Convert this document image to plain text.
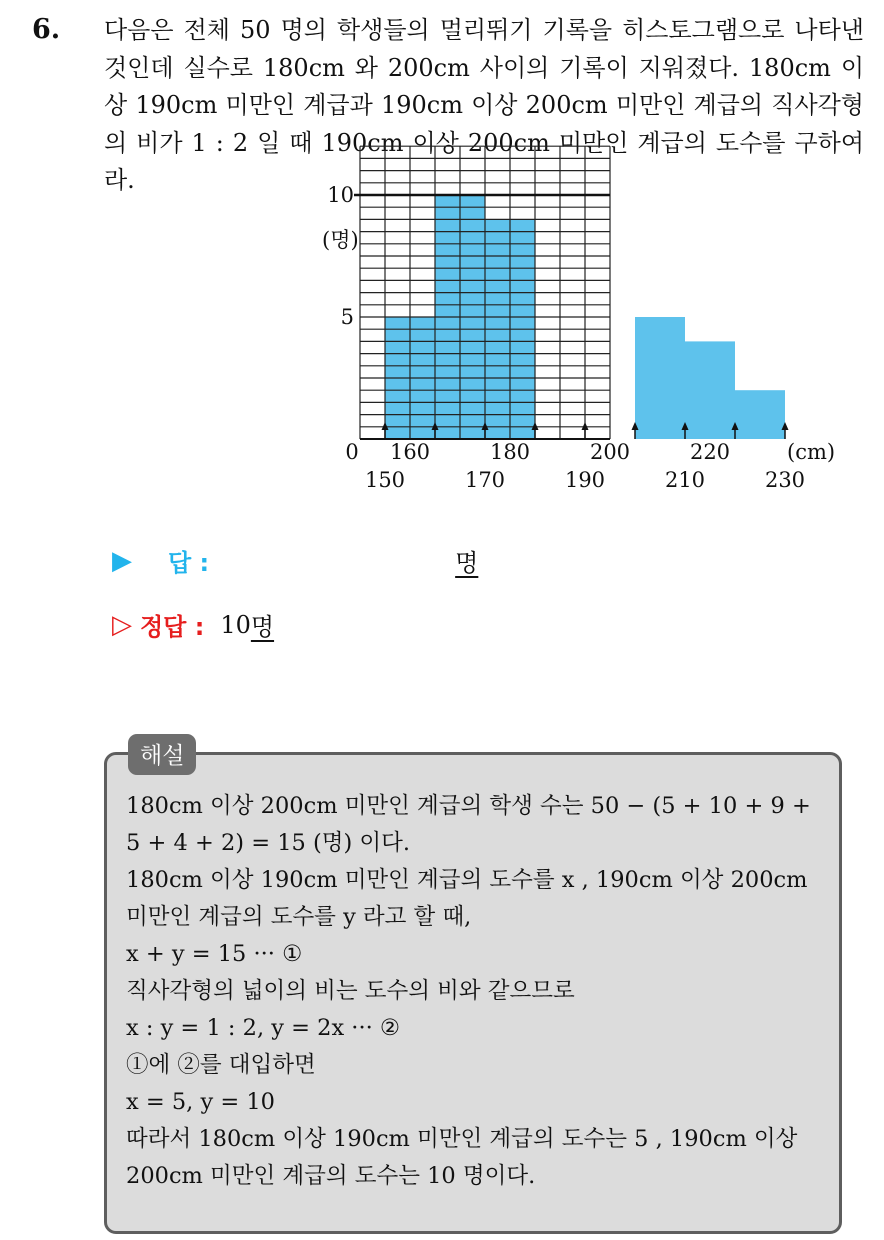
6. 다음은 전체 50 명의 학생들의 멀리뛰기 기록을 히스토그램으로 나타낸 것인데 실수로 180cm 와 200cm 사이의 기록이 지워졌다. 180cm 이상 190cm 미만인 계급과 190cm 이상 200cm 미만인 계급의 직사각형의 비가 1 : 2 일 때 190cm 이상 200cm 미만인 계급의 도수를 구하여라.
(명)
5
10
0 160	180	200	220
150	170	190	210	230
(cm)
▶ 답 :	명
▷ 정답 : 10 명
해설
180cm 이상 200cm 미만인 계급의 학생 수는 50 − (5 + 10 + 9 +
5 + 4 + 2) = 15 (명) 이다.
180cm 이상 190cm 미만인 계급의 도수를 x , 190cm 이상 200cm
미만인 계급의 도수를 y 라고 할 때,
x + y = 15 ··· ①
직사각형의 넓이의 비는 도수의 비와 같으므로
x : y = 1 : 2, y = 2x ··· ②
①에 ②를 대입하면
x = 5, y = 10
따라서 180cm 이상 190cm 미만인 계급의 도수는 5 , 190cm 이상
200cm 미만인 계급의 도수는 10 명이다.
